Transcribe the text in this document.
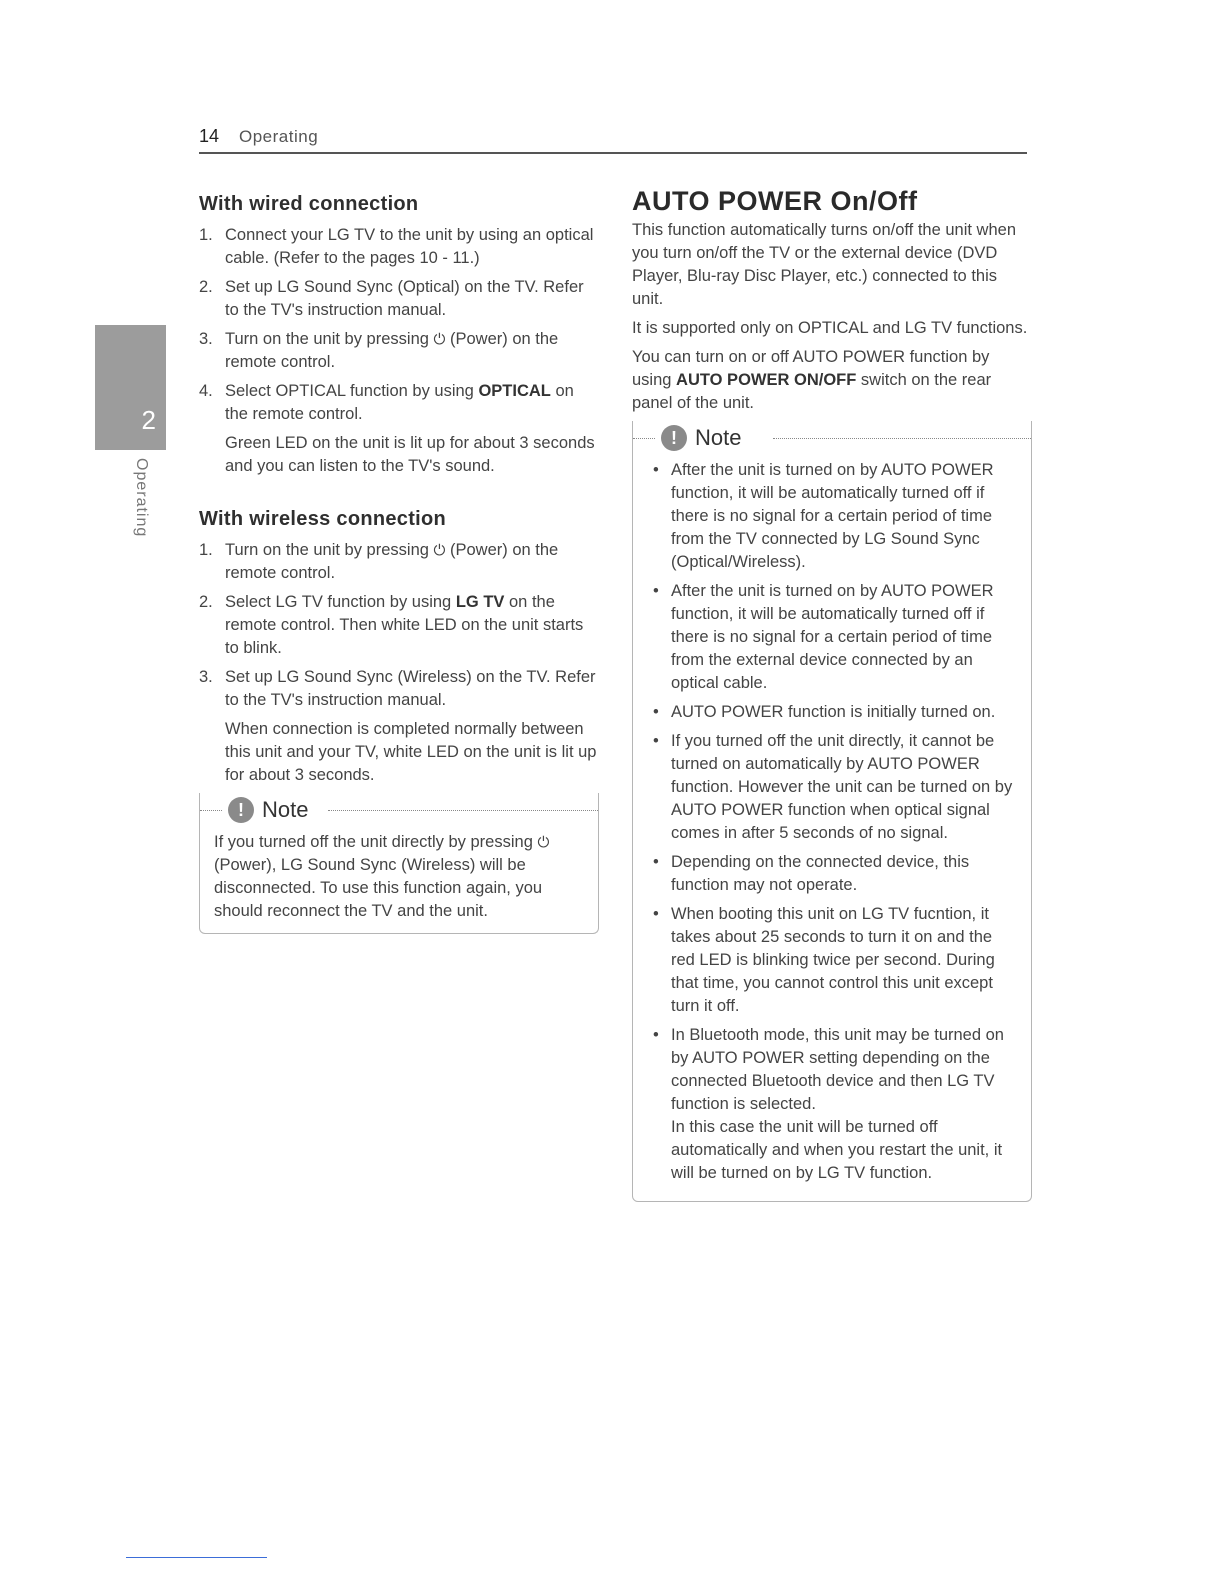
14 Operating
2
Operating
With wired connection
1. Connect your LG TV to the unit by using an optical cable. (Refer to the pages 10 - 11.)
2. Set up LG Sound Sync (Optical) on the TV. Refer to the TV's instruction manual.
3. Turn on the unit by pressing ⏻ (Power) on the remote control.
4. Select OPTICAL function by using OPTICAL on the remote control.

Green LED on the unit is lit up for about 3 seconds and you can listen to the TV's sound.

With wireless connection
1. Turn on the unit by pressing ⏻ (Power) on the remote control.
2. Select LG TV function by using LG TV on the remote control. Then white LED on the unit starts to blink.
3. Set up LG Sound Sync (Wireless) on the TV. Refer to the TV's instruction manual.

When connection is completed normally between this unit and your TV, white LED on the unit is lit up for about 3 seconds.

! Note
If you turned off the unit directly by pressing ⏻ (Power), LG Sound Sync (Wireless) will be disconnected. To use this function again, you should reconnect the TV and the unit.
AUTO POWER On/Off

This function automatically turns on/off the unit when you turn on/off the TV or the external device (DVD Player, Blu-ray Disc Player, etc.) connected to this unit.

It is supported only on OPTICAL and LG TV functions.

You can turn on or off AUTO POWER function by using AUTO POWER ON/OFF switch on the rear panel of the unit.

! Note

• After the unit is turned on by AUTO POWER function, it will be automatically turned off if there is no signal for a certain period of time from the TV connected by LG Sound Sync (Optical/Wireless).

• After the unit is turned on by AUTO POWER function, it will be automatically turned off if there is no signal for a certain period of time from the external device connected by an optical cable.

• AUTO POWER function is initially turned on.

• If you turned off the unit directly, it cannot be turned on automatically by AUTO POWER function. However the unit can be turned on by AUTO POWER function when optical signal comes in after 5 seconds of no signal.

• Depending on the connected device, this function may not operate.

• When booting this unit on LG TV fucntion, it takes about 25 seconds to turn it on and the red LED is blinking twice per second. During that time, you cannot control this unit except turn it off.

• In Bluetooth mode, this unit may be turned on by AUTO POWER setting depending on the connected Bluetooth device and then LG TV function is selected.

In this case the unit will be turned off automatically and when you restart the unit, it will be turned on by LG TV function.
